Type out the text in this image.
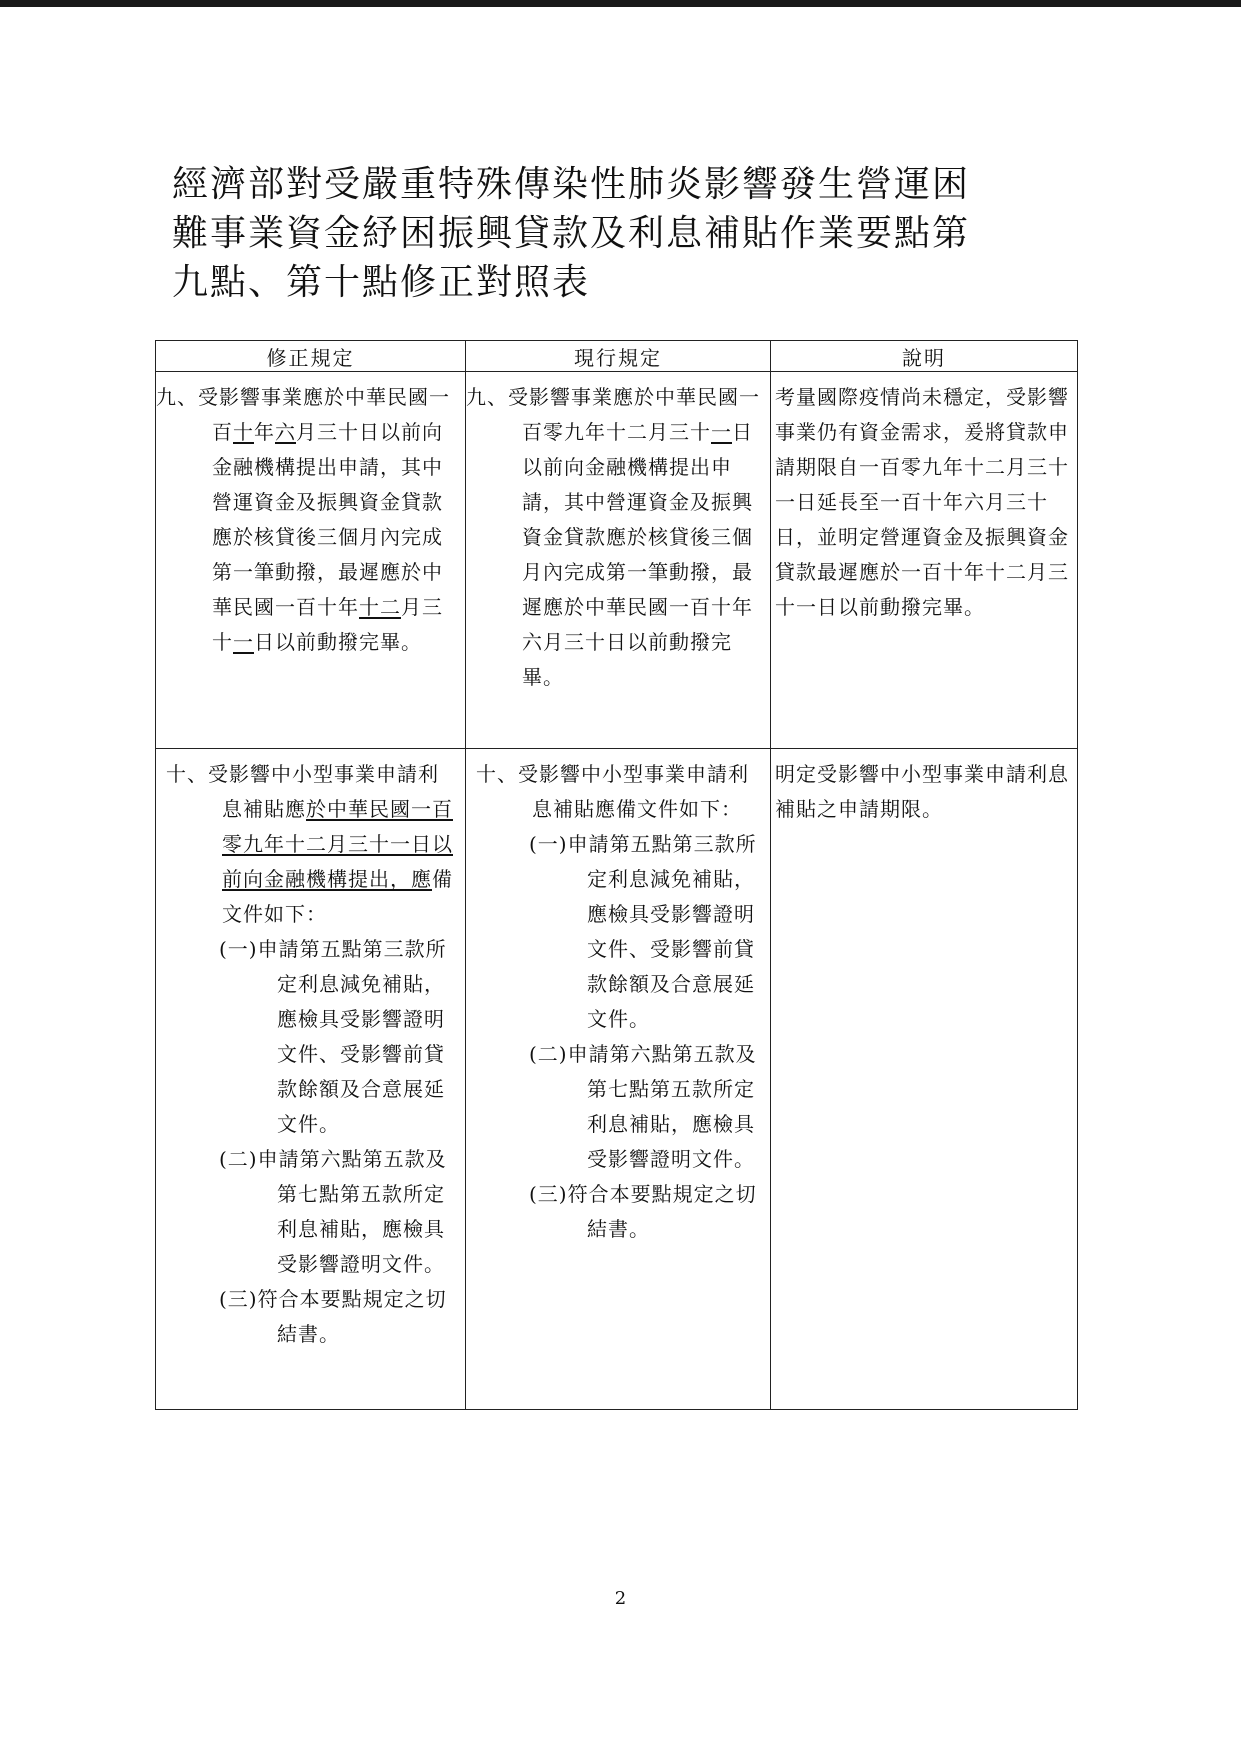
經濟部對受嚴重特殊傳染性肺炎影響發生營運困
難事業資金紓困振興貸款及利息補貼作業要點第
九點、第十點修正對照表
修正規定	現行規定	說明

九、受影響事業應於中華民國一百十年六月三十日以前向金融機構提出申請，其中營運資金及振興資金貸款應於核貸後三個月內完成第一筆動撥，最遲應於中華民國一百十年十二月三十一日以前動撥完畢。	九、受影響事業應於中華民國一百零九年十二月三十一日以前向金融機構提出申請，其中營運資金及振興資金貸款應於核貸後三個月內完成第一筆動撥，最遲應於中華民國一百十年六月三十日以前動撥完畢。	考量國際疫情尚未穩定，受影響事業仍有資金需求，爰將貸款申請期限自一百零九年十二月三十一日延長至一百十年六月三十日，並明定營運資金及振興資金貸款最遲應於一百十年十二月三十一日以前動撥完畢。

十、受影響中小型事業申請利息補貼應於中華民國一百零九年十二月三十一日以前向金融機構提出，應備文件如下：
(一)申請第五點第三款所定利息減免補貼，應檢具受影響證明文件、受影響前貸款餘額及合意展延文件。
(二)申請第六點第五款及第七點第五款所定利息補貼，應檢具受影響證明文件。
(三)符合本要點規定之切結書。	十、受影響中小型事業申請利息補貼應備文件如下：
(一)申請第五點第三款所定利息減免補貼，應檢具受影響證明文件、受影響前貸款餘額及合意展延文件。
(二)申請第六點第五款及第七點第五款所定利息補貼，應檢具受影響證明文件。
(三)符合本要點規定之切結書。	明定受影響中小型事業申請利息補貼之申請期限。
2
